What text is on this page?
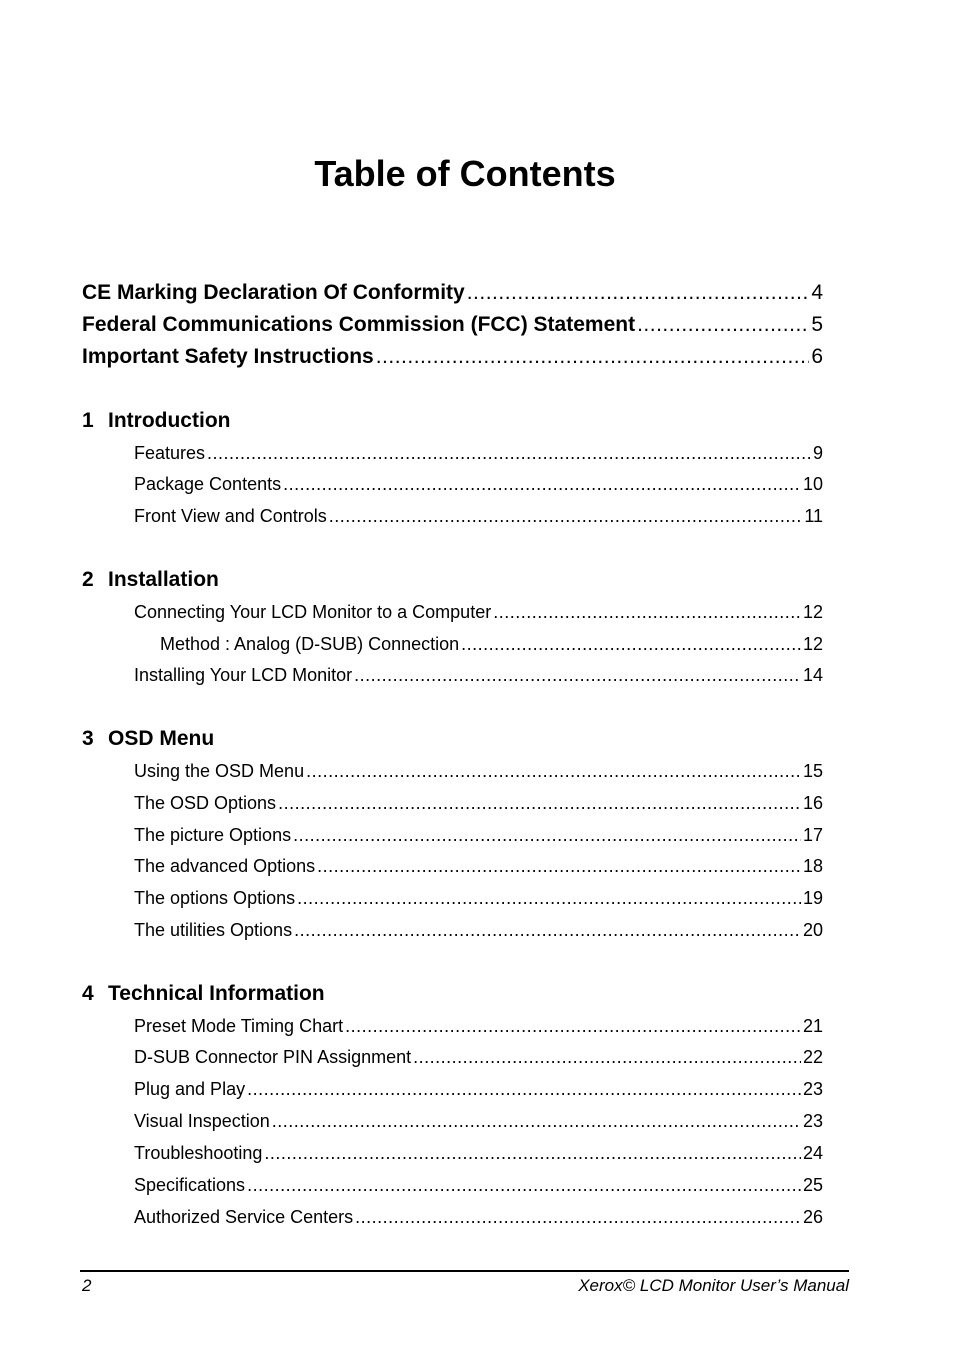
Table of Contents
CE Marking Declaration Of Conformity .....	4
Federal Communications Commission (FCC) Statement .....	5
Important Safety Instructions .....	6
1 Introduction
Features .....	9
Package Contents .....	10
Front View and Controls .....	11
2 Installation
Connecting Your LCD Monitor to a Computer .....	12
Method : Analog (D-SUB) Connection .....	12
Installing Your LCD Monitor .....	14
3 OSD Menu
Using the OSD Menu .....	15
The OSD Options .....	16
The picture Options .....	17
The advanced Options .....	18
The options Options .....	19
The utilities Options .....	20
4 Technical Information
Preset Mode Timing Chart .....	21
D-SUB Connector PIN Assignment .....	22
Plug and Play .....	23
Visual Inspection .....	23
Troubleshooting .....	24
Specifications .....	25
Authorized Service Centers .....	26
2	Xerox© LCD Monitor User’s Manual
